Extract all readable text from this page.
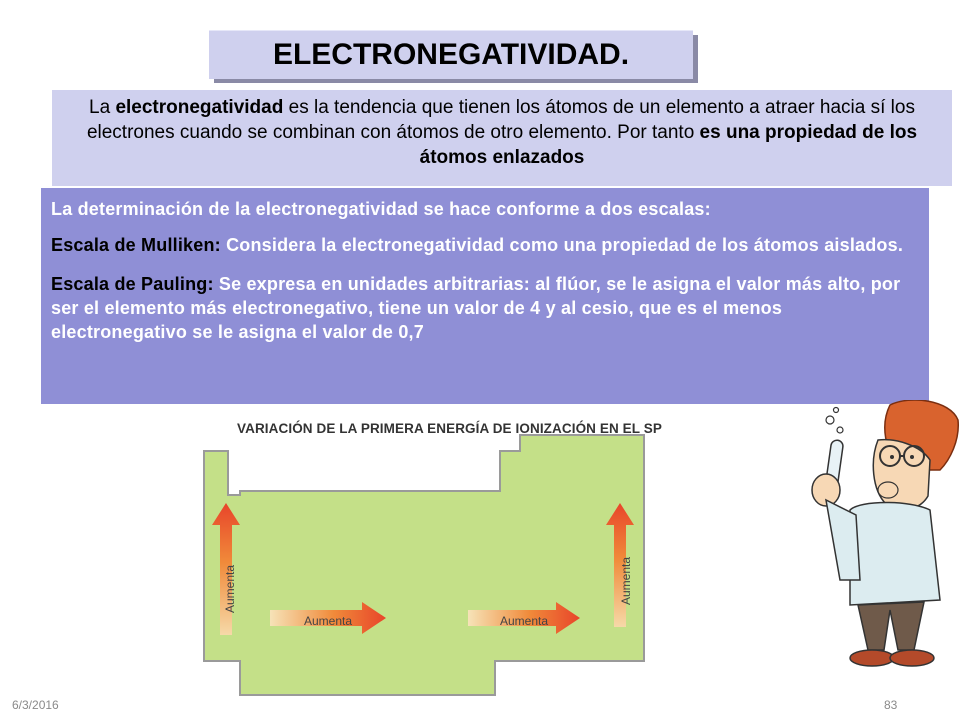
ELECTRONEGATIVIDAD.
La electronegatividad es la tendencia que tienen los átomos de un elemento a atraer hacia sí los electrones cuando se combinan con átomos de otro elemento. Por tanto es una propiedad de los átomos enlazados
La determinación de la electronegatividad se hace conforme a dos escalas:
Escala de Mulliken: Considera la electronegatividad como una propiedad de los átomos aislados.
Escala de Pauling: Se expresa en unidades arbitrarias: al flúor, se le asigna el valor más alto, por ser el elemento más electronegativo, tiene un valor de 4 y al cesio, que es el menos electronegativo se le asigna el valor de 0,7
VARIACIÓN DE LA PRIMERA ENERGÍA DE IONIZACIÓN EN EL SP
Aumenta	Aumenta
Aumenta	Aumenta
6/3/2016	83
